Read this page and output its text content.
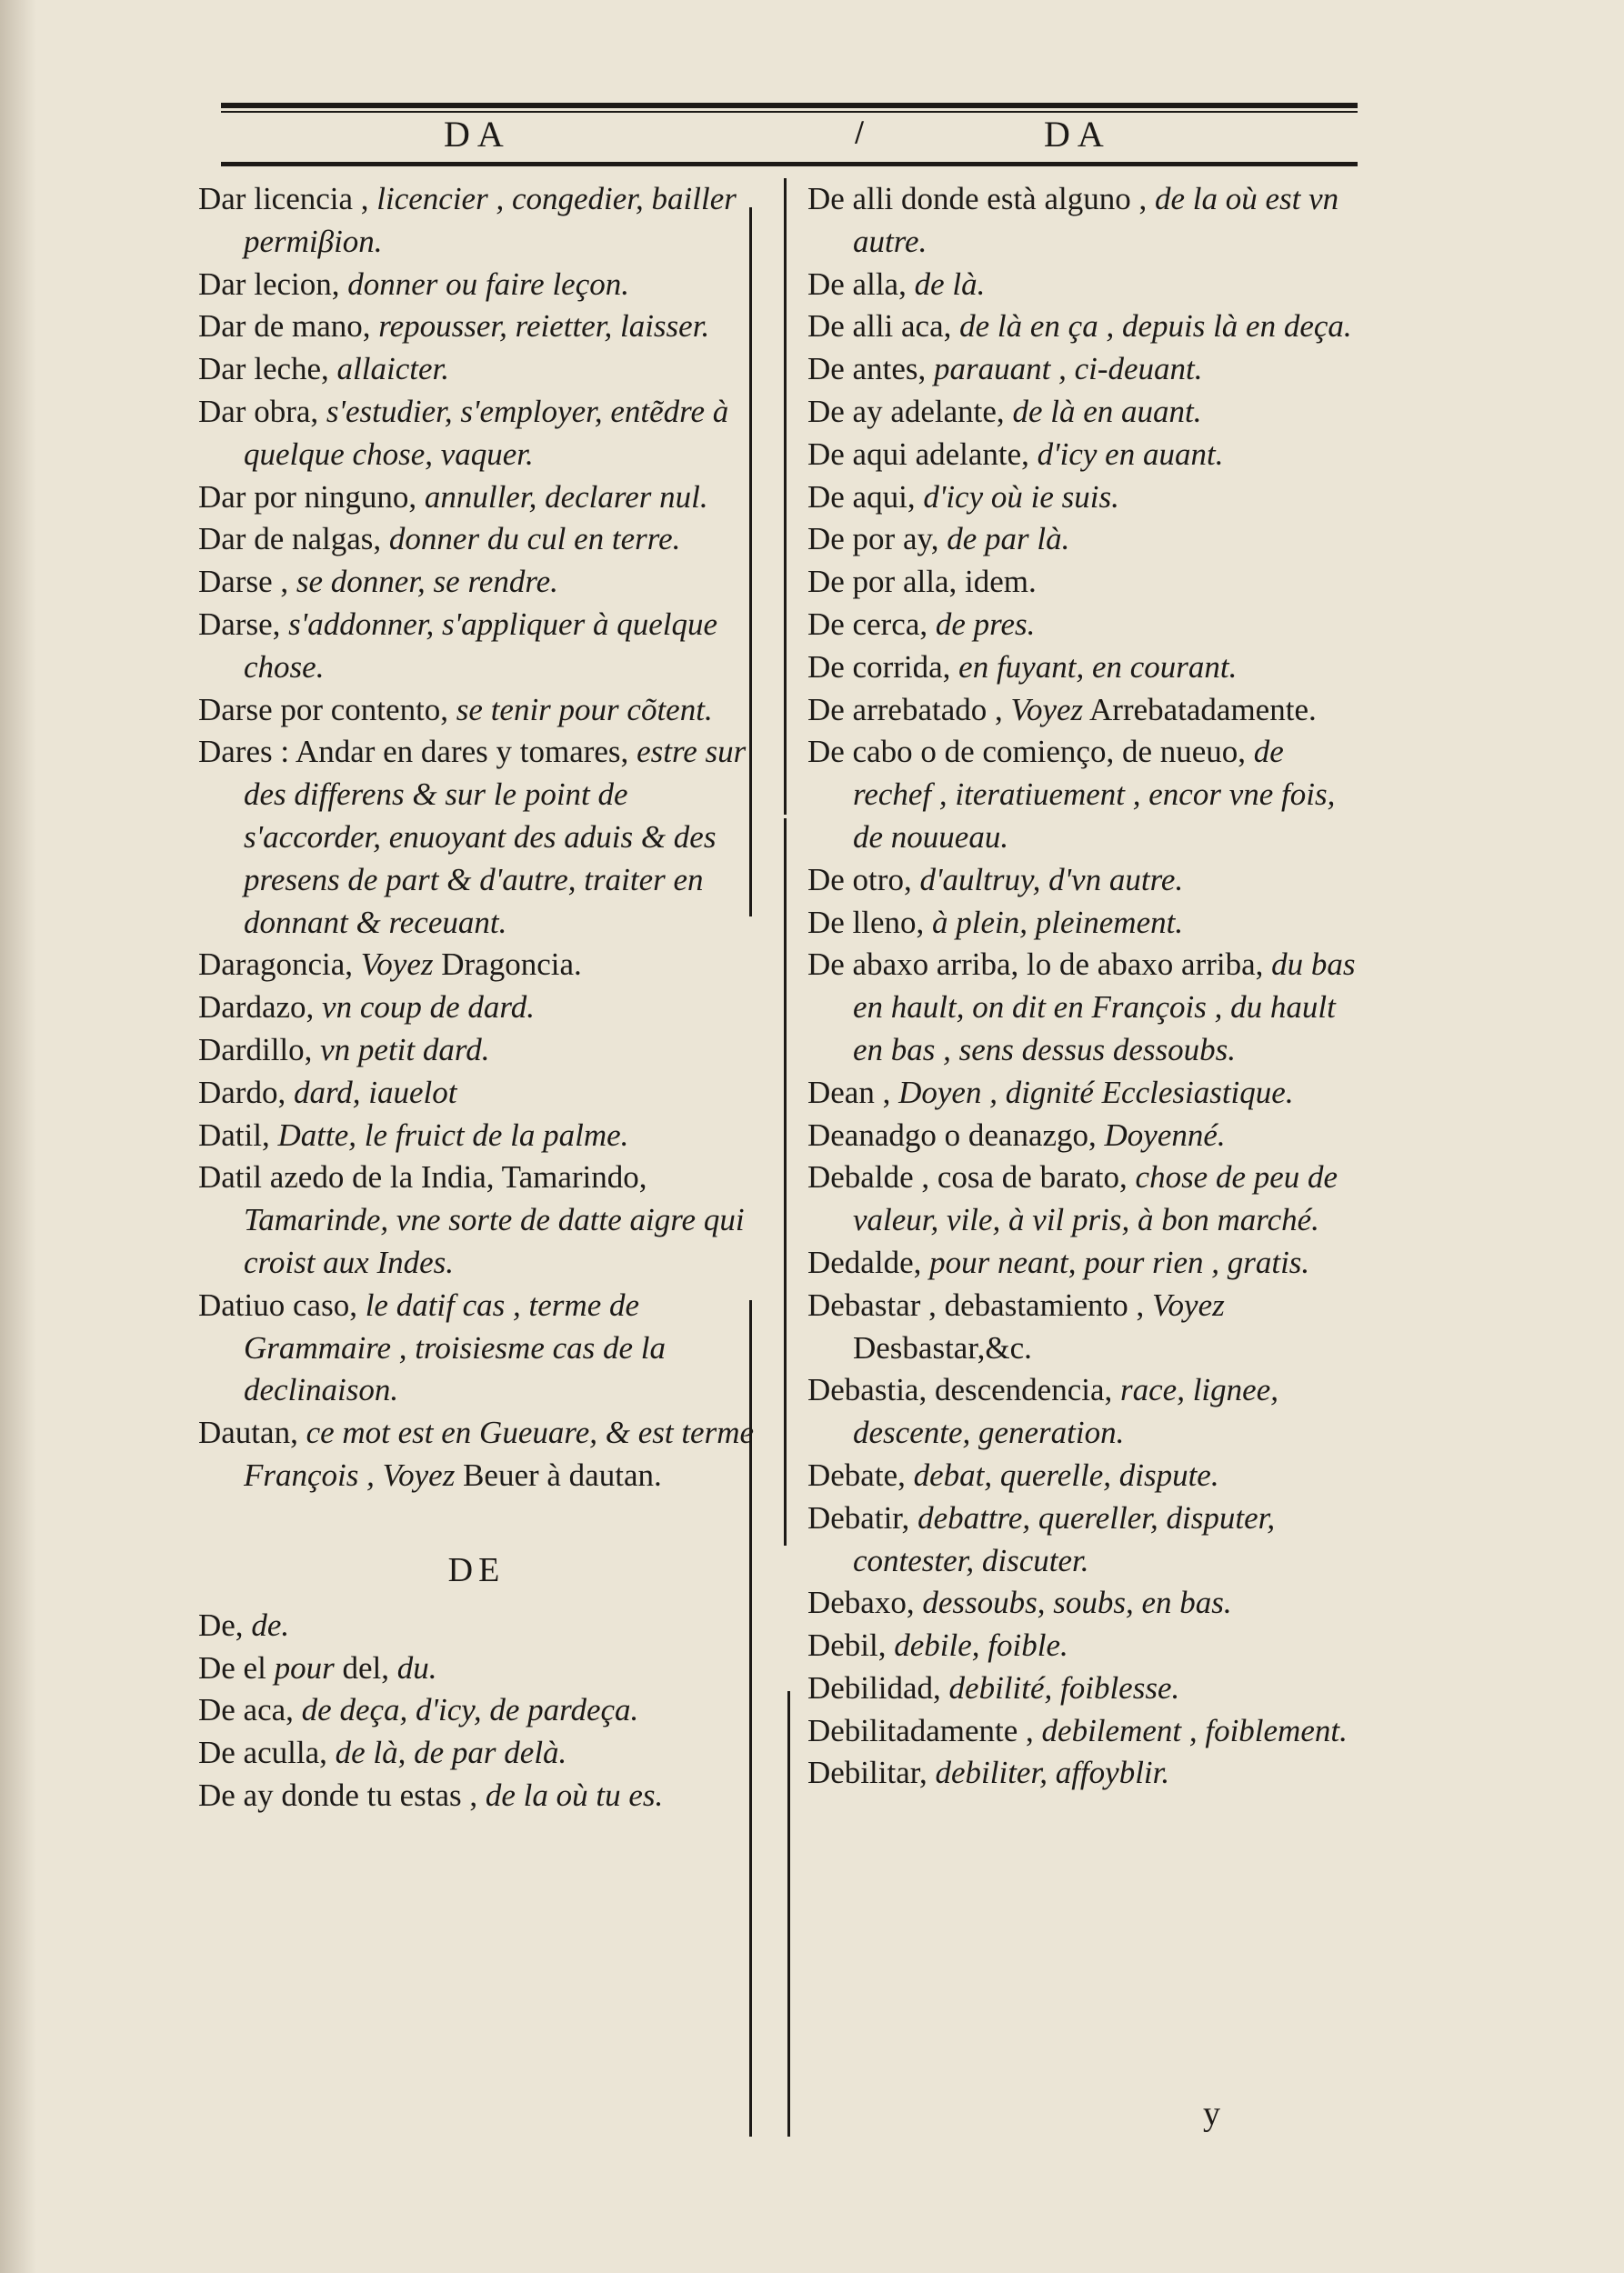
DA	/	DA

Dar licencia , licencier , congedier, bailler permiβion.

Dar lecion, donner ou faire leçon.

Dar de mano, repousser, reietter, laisser.

Dar leche, allaicter.

Dar obra, s'estudier, s'employer, entẽdre à quelque chose, vaquer.

Dar por ninguno, annuller, declarer nul.

Dar de nalgas, donner du cul en terre.

Darse , se donner, se rendre.

Darse, s'addonner, s'appliquer à quelque chose.

Darse por contento, se tenir pour cõtent.

Dares : Andar en dares y tomares, estre sur des differens & sur le point de s'accorder, enuoyant des aduis & des presens de part & d'autre, traiter en donnant & receuant.

Daragoncia, Voyez Dragoncia.

Dardazo, vn coup de dard.

Dardillo, vn petit dard.

Dardo, dard, iauelot

Datil, Datte, le fruict de la palme.

Datil azedo de la India, Tamarindo, Tamarinde, vne sorte de datte aigre qui croist aux Indes.

Datiuo caso, le datif cas , terme de Grammaire , troisiesme cas de la declinaison.

Dautan, ce mot est en Gueuare, & est terme François , Voyez Beuer à dautan.

DE

De, de.

De el pour del, du.

De aca, de deça, d'icy, de pardeça.

De aculla, de là, de par delà.

De ay donde tu estas , de la où tu es.

De alli donde està alguno , de la où est vn autre.

De alla, de là.

De alli aca, de là en ça , depuis là en deça.

De antes, parauant , ci-deuant.

De ay adelante, de là en auant.

De aqui adelante, d'icy en auant.

De aqui, d'icy où ie suis.

De por ay, de par là.

De por alla, idem.

De cerca, de pres.

De corrida, en fuyant, en courant.

De arrebatado , Voyez Arrebatadamente.

De cabo o de comienço, de nueuo, de rechef , iteratiuement , encor vne fois, de nouueau.

De otro, d'aultruy, d'vn autre.

De lleno, à plein, pleinement.

De abaxo arriba, lo de abaxo arriba, du bas en hault, on dit en François , du hault en bas , sens dessus dessoubs.

Dean , Doyen , dignité Ecclesiastique.

Deanadgo o deanazgo, Doyenné.

Debalde , cosa de barato, chose de peu de valeur, vile, à vil pris, à bon marché.

Dedalde, pour neant, pour rien , gratis.

Debastar , debastamiento , Voyez Desbastar,&c.

Debastia, descendencia, race, lignee, descente, generation.

Debate, debat, querelle, dispute.

Debatir, debattre, quereller, disputer, contester, discuter.

Debaxo, dessoubs, soubs, en bas.

Debil, debile, foible.

Debilidad, debilité, foiblesse.

Debilitadamente , debilement , foiblement.

Debilitar, debiliter, affoyblir.

y
